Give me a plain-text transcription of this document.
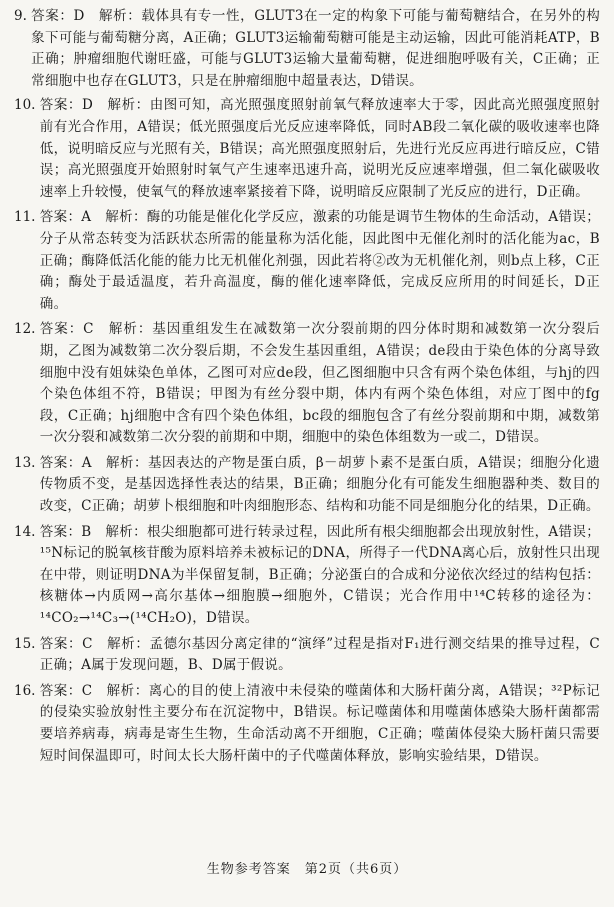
9. 答案：D　解析：载体具有专一性，GLUT3在一定的构象下可能与葡萄糖结合，在另外的构象下可能与葡萄糖分离，A正确；GLUT3运输葡萄糖可能是主动运输，因此可能消耗ATP，B正确；肿瘤细胞代谢旺盛，可能与GLUT3运输大量葡萄糖，促进细胞呼吸有关，C正确；正常细胞中也存在GLUT3，只是在肿瘤细胞中超量表达，D错误。

10. 答案：D　解析：由图可知，高光照强度照射前氧气释放速率大于零，因此高光照强度照射前有光合作用，A错误；低光照强度后光反应速率降低，同时AB段二氧化碳的吸收速率也降低，说明暗反应与光照有关，B错误；高光照强度照射后，先进行光反应再进行暗反应，C错误；高光照强度开始照射时氧气产生速率迅速升高，说明光反应速率增强，但二氧化碳吸收速率上升较慢，使氧气的释放速率紧接着下降，说明暗反应限制了光反应的进行，D正确。

11. 答案：A　解析：酶的功能是催化化学反应，激素的功能是调节生物体的生命活动，A错误；分子从常态转变为活跃状态所需的能量称为活化能，因此图中无催化剂时的活化能为ac，B正确；酶降低活化能的能力比无机催化剂强，因此若将②改为无机催化剂，则b点上移，C正确；酶处于最适温度，若升高温度，酶的催化速率降低，完成反应所用的时间延长，D正确。

12. 答案：C　解析：基因重组发生在减数第一次分裂前期的四分体时期和减数第一次分裂后期，乙图为减数第二次分裂后期，不会发生基因重组，A错误；de段由于染色体的分离导致细胞中没有姐妹染色单体，乙图可对应de段，但乙图细胞中只含有两个染色体组，与hj的四个染色体组不符，B错误；甲图为有丝分裂中期，体内有两个染色体组，对应丁图中的fg段，C正确；hj细胞中含有四个染色体组，bc段的细胞包含了有丝分裂前期和中期，减数第一次分裂和减数第二次分裂的前期和中期，细胞中的染色体组数为一或二，D错误。

13. 答案：A　解析：基因表达的产物是蛋白质，β－胡萝卜素不是蛋白质，A错误；细胞分化遗传物质不变，是基因选择性表达的结果，B正确；细胞分化有可能发生细胞器种类、数目的改变，C正确；胡萝卜根细胞和叶肉细胞形态、结构和功能不同是细胞分化的结果，D正确。

14. 答案：B　解析：根尖细胞都可进行转录过程，因此所有根尖细胞都会出现放射性，A错误；¹⁵N标记的脱氧核苷酸为原料培养未被标记的DNA，所得子一代DNA离心后，放射性只出现在中带，则证明DNA为半保留复制，B正确；分泌蛋白的合成和分泌依次经过的结构包括：核糖体→内质网→高尔基体→细胞膜→细胞外，C错误；光合作用中¹⁴C转移的途径为：¹⁴CO₂→¹⁴C₃→(¹⁴CH₂O)，D错误。

15. 答案：C　解析：孟德尔基因分离定律的“演绎”过程是指对F₁进行测交结果的推导过程，C正确；A属于发现问题，B、D属于假说。

16. 答案：C　解析：离心的目的使上清液中未侵染的噬菌体和大肠杆菌分离，A错误；³²P标记的侵染实验放射性主要分布在沉淀物中，B错误。标记噬菌体和用噬菌体感染大肠杆菌都需要培养病毒，病毒是寄生生物，生命活动离不开细胞，C正确；噬菌体侵染大肠杆菌只需要短时间保温即可，时间太长大肠杆菌中的子代噬菌体释放，影响实验结果，D错误。

生物参考答案　第2页（共6页）
